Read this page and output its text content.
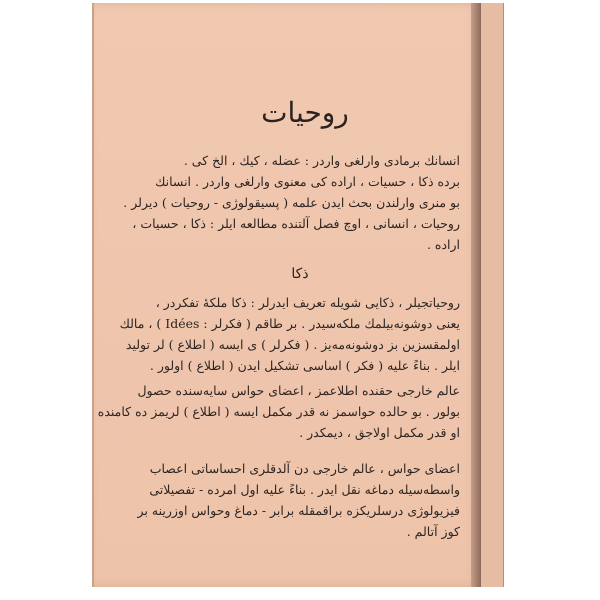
روحيات
انسانك برمادى وارلغى واردر : عضله ، كيك ، الخ كى .
برده ذكا ، حسيات ، اراده كى معنوى وارلغى واردر . انسانك
بو منرى وارلندن بحث ايدن علمه ( پسيقولوژى - روحيات ) ديرلر .
روحيات ، انسانى ، اوچ فصل آلتنده مطالعه ايلر : ذكا ، حسيات ،
اراده .
ذكا
روحياتجيلر ، ذكايى شويله تعريف ايدرلر : ذكا ملكه‌ٔ تفكردر ،
يعنى دوشونه‌بيلمك ملكه‌سيدر . بر طاقم ( فكرلر : Idées ) ، مالك
اولمقسزين بز دوشونه‌مه‌يز . ( فكرلر ) ى ايسه ( اطلاع ) لر توليد
ايلر . بناءً عليه ( فكر ) اساسى تشكيل ايدن ( اطلاع ) اولور .
عالم خارجى حقنده اطلاعمز ، اعضاى حواس سايه‌سنده حصول
بولور . بو حالده حواسمز نه قدر مكمل ايسه ( اطلاع ) لريمز ده كامنده
او قدر مكمل اولاجق ، ديمكدر .
اعضاى حواس ، عالم خارجى دن آلدقلرى احساساتى اعصاب
واسطه‌سيله دماغه نقل ايدر . بناءً عليه اول امرده - تفصيلاتى
فيزيولوژى درسلريكزه براقمقله برابر - دماغ وحواس اوزرينه بر
كوز آتالم .
